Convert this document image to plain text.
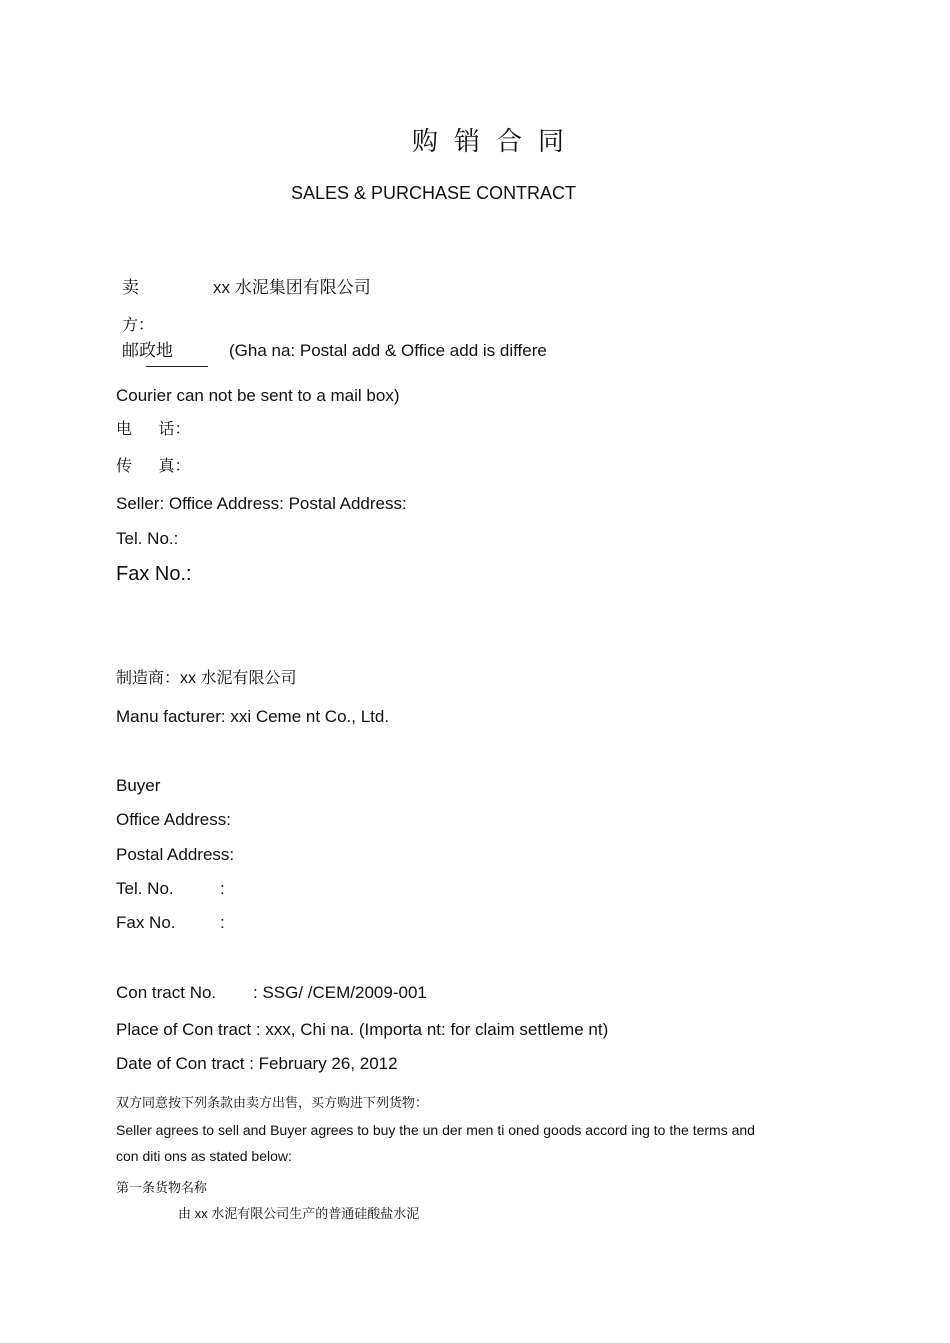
购销合同
SALES & PURCHASE CONTRACT
卖	xx 水泥集团有限公司
方：
邮政地	(Gha na: Postal add & Office add is differe
Courier can not be sent to a mail box)
电 话：
传 真：
Seller: Office Address: Postal Address:
Tel. No.:
Fax No.:
制造商：xx 水泥有限公司
Manu facturer: xxi Ceme nt Co., Ltd.
Buyer
Office Address:
Postal Address:
Tel. No.	:
Fax No.	:
Con tract No. : SSG/ /CEM/2009-001
Place of Con tract : xxx, Chi na. (Importa nt: for claim settleme nt)
Date of Con tract : February 26, 2012
双方同意按下列条款由卖方出售，买方购进下列货物：
Seller agrees to sell and Buyer agrees to buy the un der men ti oned goods accord ing to the terms and
con diti ons as stated below:
第一条货物名称
由 xx 水泥有限公司生产的普通硅酸盐水泥
